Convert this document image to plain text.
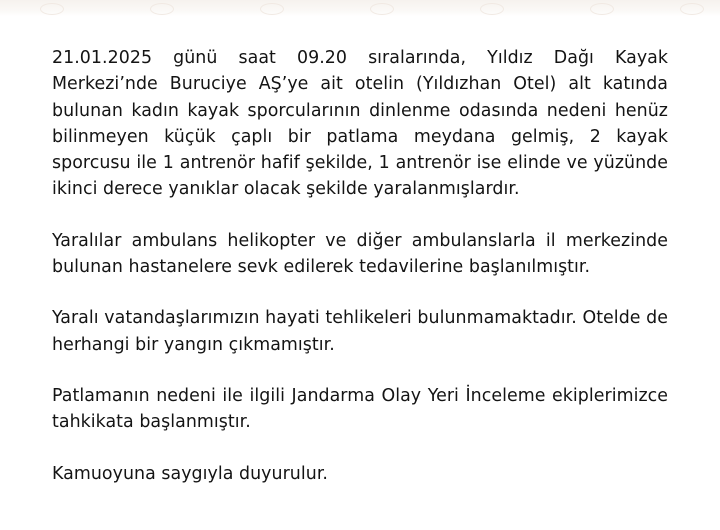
21.01.2025 günü saat 09.20 sıralarında, Yıldız Dağı Kayak Merkezi’nde Buruciye AŞ’ye ait otelin (Yıldızhan Otel) alt katında bulunan kadın kayak sporcularının dinlenme odasında nedeni henüz bilinmeyen küçük çaplı bir patlama meydana gelmiş, 2 kayak sporcusu ile 1 antrenör hafif şekilde, 1 antrenör ise elinde ve yüzünde ikinci derece yanıklar olacak şekilde yaralanmışlardır.

Yaralılar ambulans helikopter ve diğer ambulanslarla il merkezinde bulunan hastanelere sevk edilerek tedavilerine başlanılmıştır.

Yaralı vatandaşlarımızın hayati tehlikeleri bulunmamaktadır. Otelde de herhangi bir yangın çıkmamıştır.

Patlamanın nedeni ile ilgili Jandarma Olay Yeri İnceleme ekiplerimizce tahkikata başlanmıştır.

Kamuoyuna saygıyla duyurulur.
